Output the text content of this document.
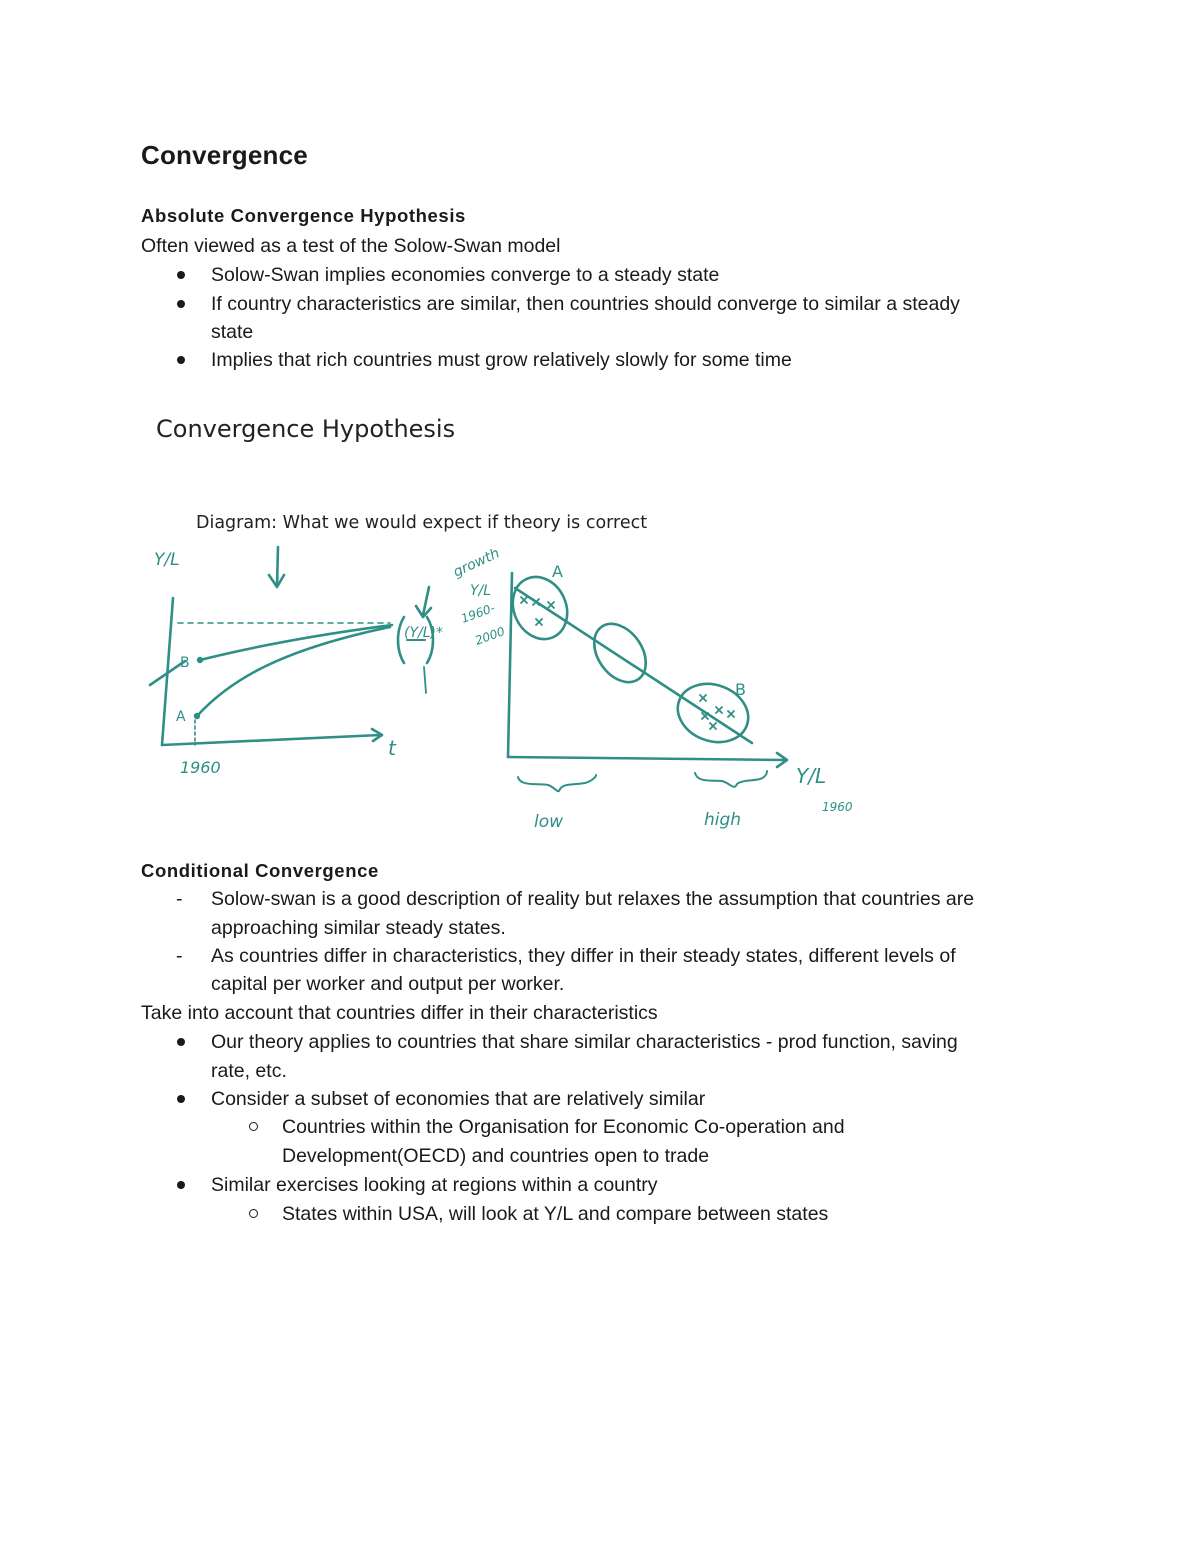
Convergence
Absolute Convergence Hypothesis

Often viewed as a test of the Solow-Swan model

Solow-Swan implies economies converge to a steady state

If country characteristics are similar, then countries should converge to similar a steady

state

Implies that rich countries must grow relatively slowly for some time

Convergence Hypothesis
Diagram: What we would expect if theory is correct
Y/L
t
1960
A
B
(Y/L)*
growth
Y/L
1960-
2000
A
B
low	high
Y/L
1960
Conditional Convergence
- Solow-swan is a good description of reality but relaxes the assumption that countries are

approaching similar steady states.

- As countries differ in characteristics, they differ in their steady states, different levels of

capital per worker and output per worker.

Take into account that countries differ in their characteristics

Our theory applies to countries that share similar characteristics - prod function, saving

rate, etc.

Consider a subset of economies that are relatively similar

Countries within the Organisation for Economic Co-operation and

Development(OECD) and countries open to trade

Similar exercises looking at regions within a country

States within USA, will look at Y/L and compare between states
